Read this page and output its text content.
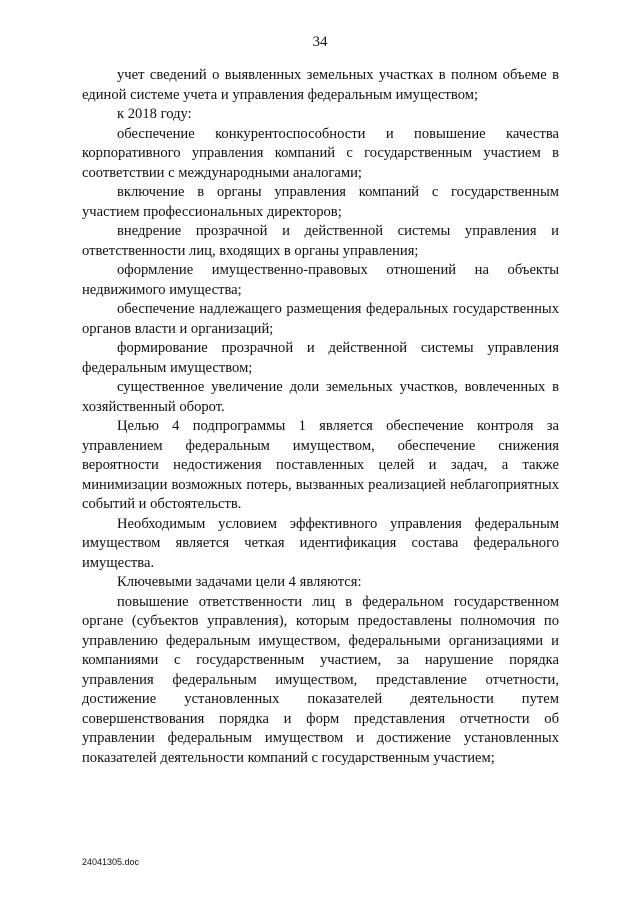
34

учет сведений о выявленных земельных участках в полном объеме в единой системе учета и управления федеральным имуществом;

к 2018 году:

обеспечение конкурентоспособности и повышение качества корпоративного управления компаний с государственным участием в соответствии с международными аналогами;

включение в органы управления компаний с государственным участием профессиональных директоров;

внедрение прозрачной и действенной системы управления и ответственности лиц, входящих в органы управления;

оформление имущественно-правовых отношений на объекты недвижимого имущества;

обеспечение надлежащего размещения федеральных государственных органов власти и организаций;

формирование прозрачной и действенной системы управления федеральным имуществом;

существенное увеличение доли земельных участков, вовлеченных в хозяйственный оборот.

Целью 4 подпрограммы 1 является обеспечение контроля за управлением федеральным имуществом, обеспечение снижения вероятности недостижения поставленных целей и задач, а также минимизации возможных потерь, вызванных реализацией неблагоприятных событий и обстоятельств.

Необходимым условием эффективного управления федеральным имуществом является четкая идентификация состава федерального имущества.

Ключевыми задачами цели 4 являются:

повышение ответственности лиц в федеральном государственном органе (субъектов управления), которым предоставлены полномочия по управлению федеральным имуществом, федеральными организациями и компаниями с государственным участием, за нарушение порядка управления федеральным имуществом, представление отчетности, достижение установленных показателей деятельности путем совершенствования порядка и форм представления отчетности об управлении федеральным имуществом и достижение установленных показателей деятельности компаний с государственным участием;

24041305.doc
